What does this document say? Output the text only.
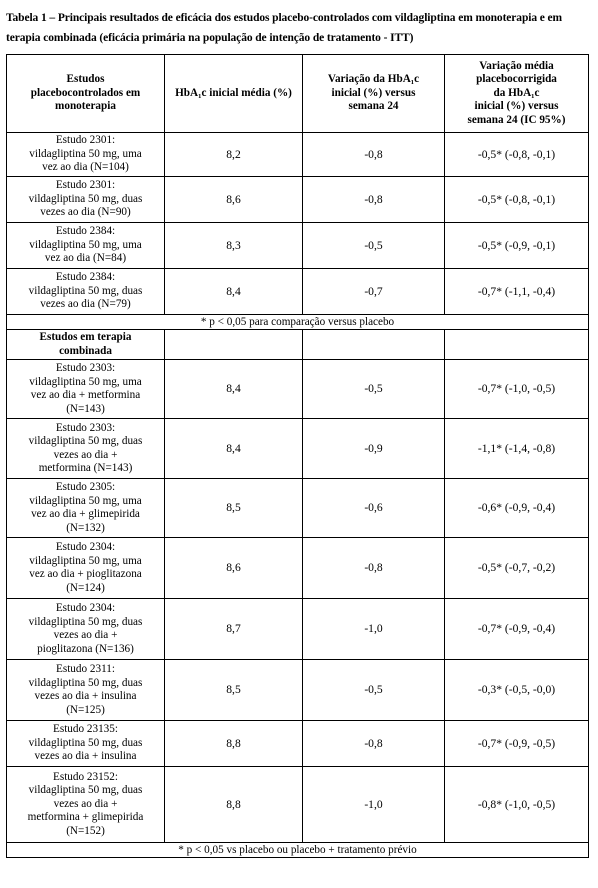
Tabela 1 – Principais resultados de eficácia dos estudos placebo-controlados com vildagliptina em monoterapia e em terapia combinada (eficácia primária na população de intenção de tratamento - ITT)

Estudos
placebocontrolados em
monoterapia	HbA₁c inicial média (%)	Variação da HbA₁c
inicial (%) versus
semana 24	Variação média
placebocorrigida
da HbA₁c
inicial (%) versus
semana 24 (IC 95%)
Estudo 2301:
vildagliptina 50 mg, uma
vez ao dia (N=104)	8,2	-0,8	-0,5* (-0,8, -0,1)
Estudo 2301:
vildagliptina 50 mg, duas
vezes ao dia (N=90)	8,6	-0,8	-0,5* (-0,8, -0,1)
Estudo 2384:
vildagliptina 50 mg, uma
vez ao dia (N=84)	8,3	-0,5	-0,5* (-0,9, -0,1)
Estudo 2384:
vildagliptina 50 mg, duas
vezes ao dia (N=79)	8,4	-0,7	-0,7* (-1,1, -0,4)
* p < 0,05 para comparação versus placebo			
Estudos em terapia
combinada			
Estudo 2303:
vildagliptina 50 mg, uma
vez ao dia + metformina
(N=143)	8,4	-0,5	-0,7* (-1,0, -0,5)
Estudo 2303:
vildagliptina 50 mg, duas
vezes ao dia +
metformina (N=143)	8,4	-0,9	-1,1* (-1,4, -0,8)
Estudo 2305:
vildagliptina 50 mg, uma
vez ao dia + glimepirida
(N=132)	8,5	-0,6	-0,6* (-0,9, -0,4)
Estudo 2304:
vildagliptina 50 mg, uma
vez ao dia + pioglitazona
(N=124)	8,6	-0,8	-0,5* (-0,7, -0,2)
Estudo 2304:
vildagliptina 50 mg, duas
vezes ao dia +
pioglitazona (N=136)	8,7	-1,0	-0,7* (-0,9, -0,4)
Estudo 2311:
vildagliptina 50 mg, duas
vezes ao dia + insulina
(N=125)	8,5	-0,5	-0,3* (-0,5, -0,0)
Estudo 23135:
vildagliptina 50 mg, duas
vezes ao dia + insulina	8,8	-0,8	-0,7* (-0,9, -0,5)
Estudo 23152:
vildagliptina 50 mg, duas
vezes ao dia +
metformina + glimepirida
(N=152)	8,8	-1,0	-0,8* (-1,0, -0,5)
* p < 0,05 vs placebo ou placebo + tratamento prévio			
